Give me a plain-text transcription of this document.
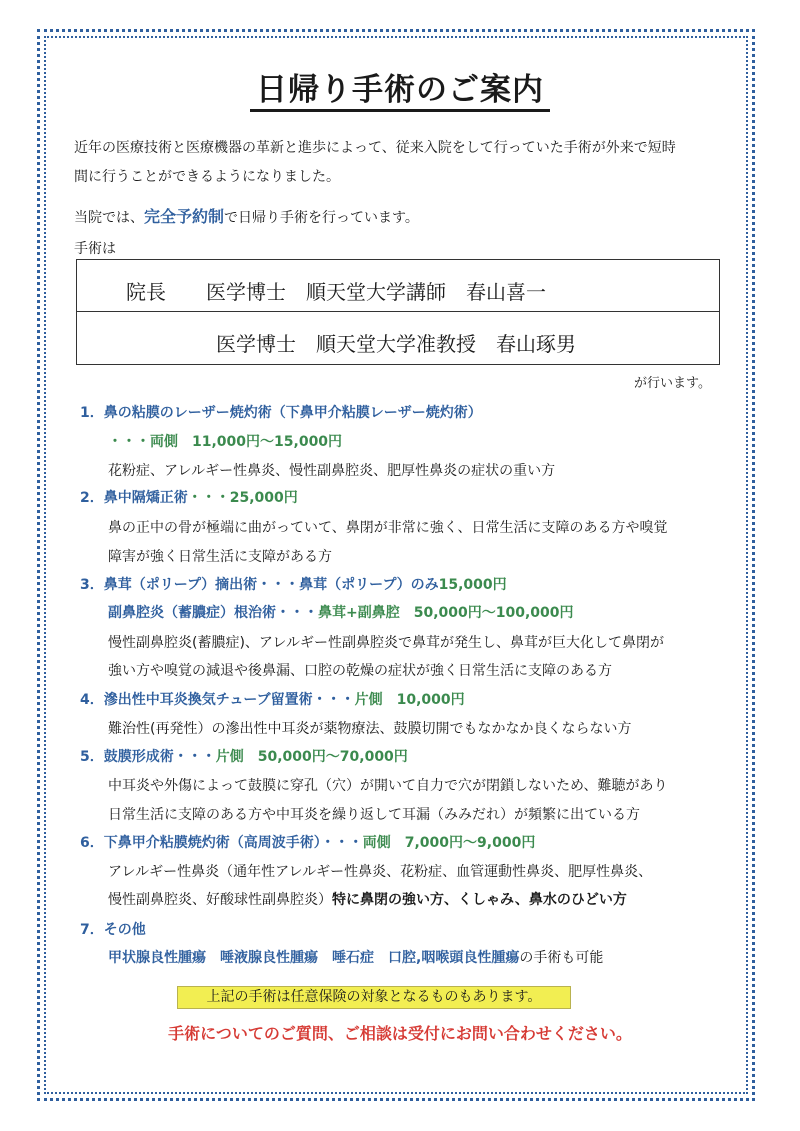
日帰り手術のご案内
近年の医療技術と医療機器の革新と進歩によって、従来入院をして行っていた手術が外来で短時
間に行うことができるようになりました。
当院では、完全予約制で日帰り手術を行っています。
手術は
院長　　医学博士　順天堂大学講師　春山喜一
医学博士　順天堂大学准教授　春山琢男
が行います。
1．鼻の粘膜のレーザー焼灼術（下鼻甲介粘膜レーザー焼灼術）
・・・両側　11,000円～15,000円
花粉症、アレルギー性鼻炎、慢性副鼻腔炎、肥厚性鼻炎の症状の重い方
2．鼻中隔矯正術・・・25,000円
鼻の正中の骨が極端に曲がっていて、鼻閉が非常に強く、日常生活に支障のある方や嗅覚
障害が強く日常生活に支障がある方
3．鼻茸（ポリープ）摘出術・・・鼻茸（ポリープ）のみ15,000円
副鼻腔炎（蓄膿症）根治術・・・鼻茸+副鼻腔　50,000円～100,000円
慢性副鼻腔炎(蓄膿症)、アレルギー性副鼻腔炎で鼻茸が発生し、鼻茸が巨大化して鼻閉が
強い方や嗅覚の減退や後鼻漏、口腔の乾燥の症状が強く日常生活に支障のある方
4．滲出性中耳炎換気チューブ留置術・・・片側　10,000円
難治性(再発性）の滲出性中耳炎が薬物療法、鼓膜切開でもなかなか良くならない方
5．鼓膜形成術・・・片側　50,000円～70,000円
中耳炎や外傷によって鼓膜に穿孔（穴）が開いて自力で穴が閉鎖しないため、難聴があり
日常生活に支障のある方や中耳炎を繰り返して耳漏（みみだれ）が頻繁に出ている方
6．下鼻甲介粘膜焼灼術（高周波手術）・・・両側　7,000円～9,000円
アレルギー性鼻炎（通年性アレルギー性鼻炎、花粉症、血管運動性鼻炎、肥厚性鼻炎、
慢性副鼻腔炎、好酸球性副鼻腔炎）特に鼻閉の強い方、くしゃみ、鼻水のひどい方
7．その他
甲状腺良性腫瘍　唾液腺良性腫瘍　唾石症　口腔,咽喉頭良性腫瘍の手術も可能
上記の手術は任意保険の対象となるものもあります。
手術についてのご質問、ご相談は受付にお問い合わせください。
